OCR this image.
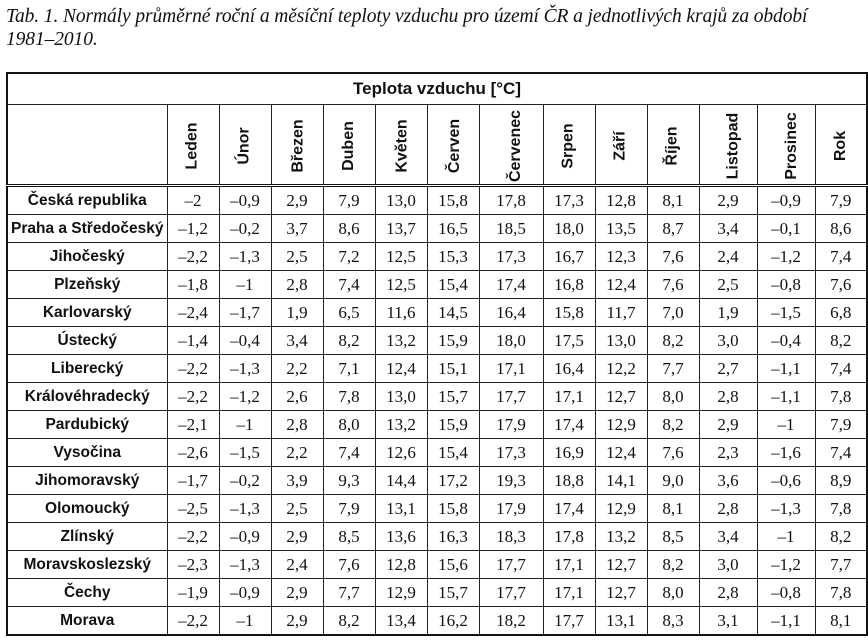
Tab. 1. Normály průměrné roční a měsíční teploty vzduchu pro území ČR a jednotlivých krajů za období 1981–2010.
Teplota vzduchu [°C]													
	Leden	Únor	Březen	Duben	Květen	Červen	Červenec	Srpen	Září	Říjen	Listopad	Prosinec	Rok
Česká republika	–2	–0,9	2,9	7,9	13,0	15,8	17,8	17,3	12,8	8,1	2,9	–0,9	7,9
Praha a Středočeský	–1,2	–0,2	3,7	8,6	13,7	16,5	18,5	18,0	13,5	8,7	3,4	–0,1	8,6
Jihočeský	–2,2	–1,3	2,5	7,2	12,5	15,3	17,3	16,7	12,3	7,6	2,4	–1,2	7,4
Plzeňský	–1,8	–1	2,8	7,4	12,5	15,4	17,4	16,8	12,4	7,6	2,5	–0,8	7,6
Karlovarský	–2,4	–1,7	1,9	6,5	11,6	14,5	16,4	15,8	11,7	7,0	1,9	–1,5	6,8
Ústecký	–1,4	–0,4	3,4	8,2	13,2	15,9	18,0	17,5	13,0	8,2	3,0	–0,4	8,2
Liberecký	–2,2	–1,3	2,2	7,1	12,4	15,1	17,1	16,4	12,2	7,7	2,7	–1,1	7,4
Královéhradecký	–2,2	–1,2	2,6	7,8	13,0	15,7	17,7	17,1	12,7	8,0	2,8	–1,1	7,8
Pardubický	–2,1	–1	2,8	8,0	13,2	15,9	17,9	17,4	12,9	8,2	2,9	–1	7,9
Vysočina	–2,6	–1,5	2,2	7,4	12,6	15,4	17,3	16,9	12,4	7,6	2,3	–1,6	7,4
Jihomoravský	–1,7	–0,2	3,9	9,3	14,4	17,2	19,3	18,8	14,1	9,0	3,6	–0,6	8,9
Olomoucký	–2,5	–1,3	2,5	7,9	13,1	15,8	17,9	17,4	12,9	8,1	2,8	–1,3	7,8
Zlínský	–2,2	–0,9	2,9	8,5	13,6	16,3	18,3	17,8	13,2	8,5	3,4	–1	8,2
Moravskoslezský	–2,3	–1,3	2,4	7,6	12,8	15,6	17,7	17,1	12,7	8,2	3,0	–1,2	7,7
Čechy	–1,9	–0,9	2,9	7,7	12,9	15,7	17,7	17,1	12,7	8,0	2,8	–0,8	7,8
Morava	–2,2	–1	2,9	8,2	13,4	16,2	18,2	17,7	13,1	8,3	3,1	–1,1	8,1
